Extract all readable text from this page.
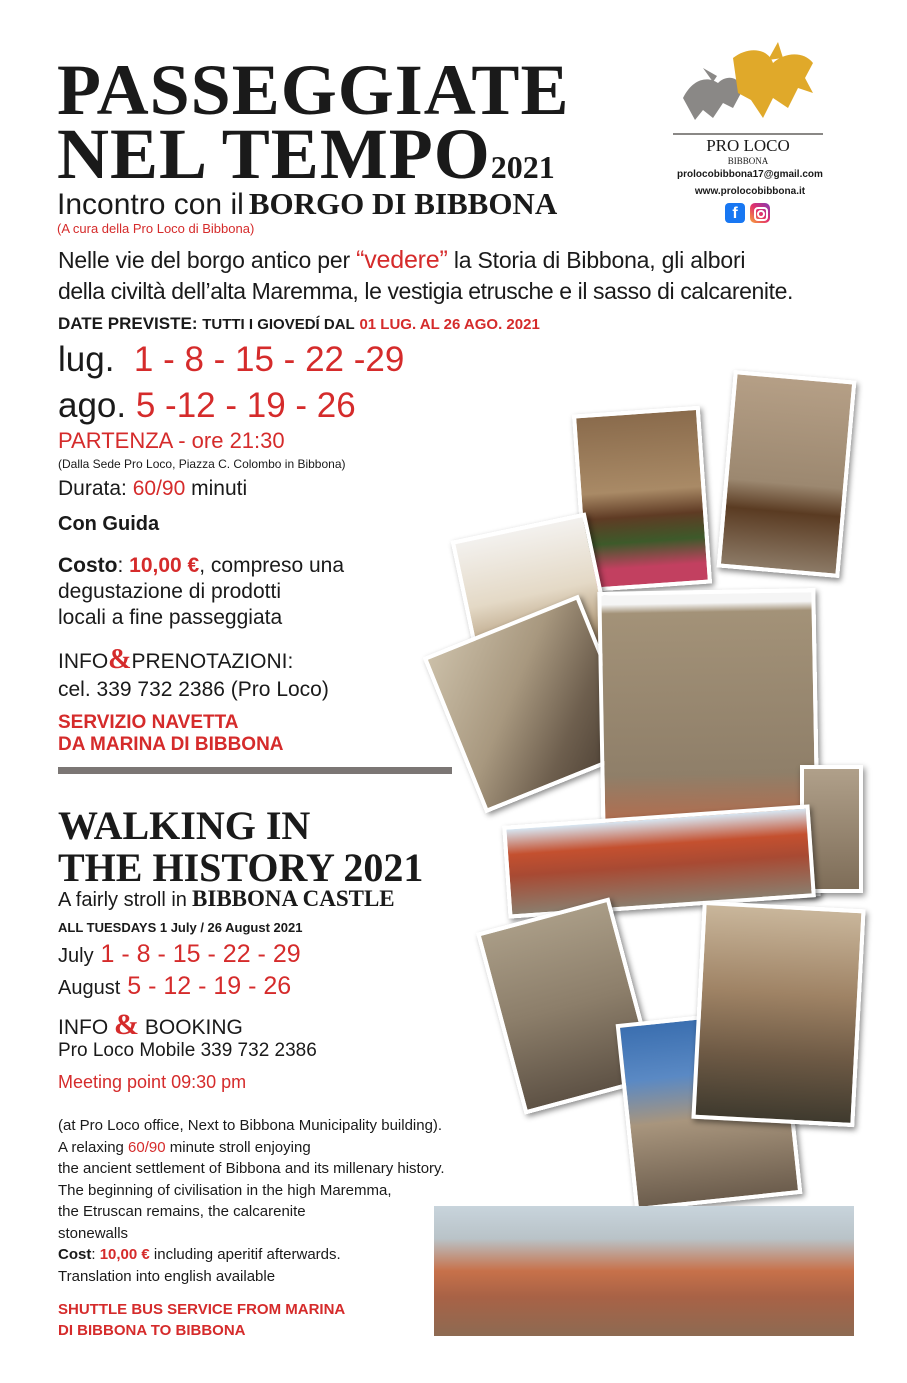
PASSEGGIATE
NEL TEMPO2021
Incontro con il BORGO DI BIBBONA
(A cura della Pro Loco di Bibbona)
PRO LOCO
BIBBONA
prolocobibbona17@gmail.com
www.prolocobibbona.it
f
Nelle vie del borgo antico per “vedere” la Storia di Bibbona, gli albori
della civiltà dell’alta Maremma, le vestigia etrusche e il sasso di calcarenite.
DATE PREVISTE: TUTTI I GIOVEDÍ DAL 01 LUG. AL 26 AGO. 2021
lug. 1 - 8 - 15 - 22 -29
ago. 5 -12 - 19 - 26
PARTENZA - ore 21:30
(Dalla Sede Pro Loco, Piazza C. Colombo in Bibbona)
Durata: 60/90 minuti
Con Guida
Costo: 10,00 €, compreso una
degustazione di prodotti
locali a fine passeggiata
INFO&PRENOTAZIONI:
cel. 339 732 2386 (Pro Loco)
SERVIZIO NAVETTA
DA MARINA DI BIBBONA
WALKING IN
THE HISTORY 2021
A fairly stroll in BIBBONA CASTLE
ALL TUESDAYS 1 July / 26 August 2021
July 1 - 8 - 15 - 22 - 29
August 5 - 12 - 19 - 26
INFO & BOOKING
Pro Loco Mobile 339 732 2386
Meeting point 09:30 pm
(at Pro Loco office, Next to Bibbona Municipality building).
A relaxing 60/90 minute stroll enjoying
the ancient settlement of Bibbona and its millenary history.
The beginning of civilisation in the high Maremma,
the Etruscan remains, the calcarenite
stonewalls
Cost: 10,00 € including aperitif afterwards.
Translation into english available
SHUTTLE BUS SERVICE FROM MARINA
DI BIBBONA TO BIBBONA
